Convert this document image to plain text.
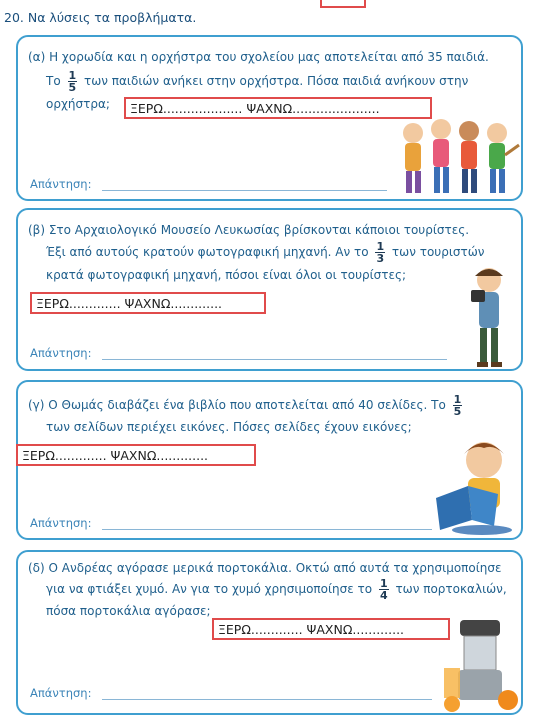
20. Να λύσεις τα προβλήματα.
(α) Η χορωδία και η ορχήστρα του σχολείου μας αποτελείται από 35 παιδιά.
Το $\frac{1}{5}$ των παιδιών ανήκει στην ορχήστρα. Πόσα παιδιά ανήκουν στην
ορχήστρα;	ΞΕΡΩ.................... ΨΑΧΝΩ......................
Απάντηση:
(β) Στο Αρχαιολογικό Μουσείο Λευκωσίας βρίσκονται κάποιοι τουρίστες.
Έξι από αυτούς κρατούν φωτογραφική μηχανή. Αν το $\frac{1}{3}$ των τουριστών
κρατά φωτογραφική μηχανή, πόσοι είναι όλοι οι τουρίστες;
ΞΕΡΩ............. ΨΑΧΝΩ.............
Απάντηση:
(γ) Ο Θωμάς διαβάζει ένα βιβλίο που αποτελείται από 40 σελίδες. Το $\frac{1}{5}$
των σελίδων περιέχει εικόνες. Πόσες σελίδες έχουν εικόνες;
ΞΕΡΩ............. ΨΑΧΝΩ.............
Απάντηση:
(δ) Ο Ανδρέας αγόρασε μερικά πορτοκάλια. Οκτώ από αυτά τα χρησιμοποίησε
για να φτιάξει χυμό. Αν για το χυμό χρησιμοποίησε το $\frac{1}{4}$ των πορτοκαλιών,
πόσα πορτοκάλια αγόρασε;
ΞΕΡΩ............. ΨΑΧΝΩ.............
Απάντηση:
